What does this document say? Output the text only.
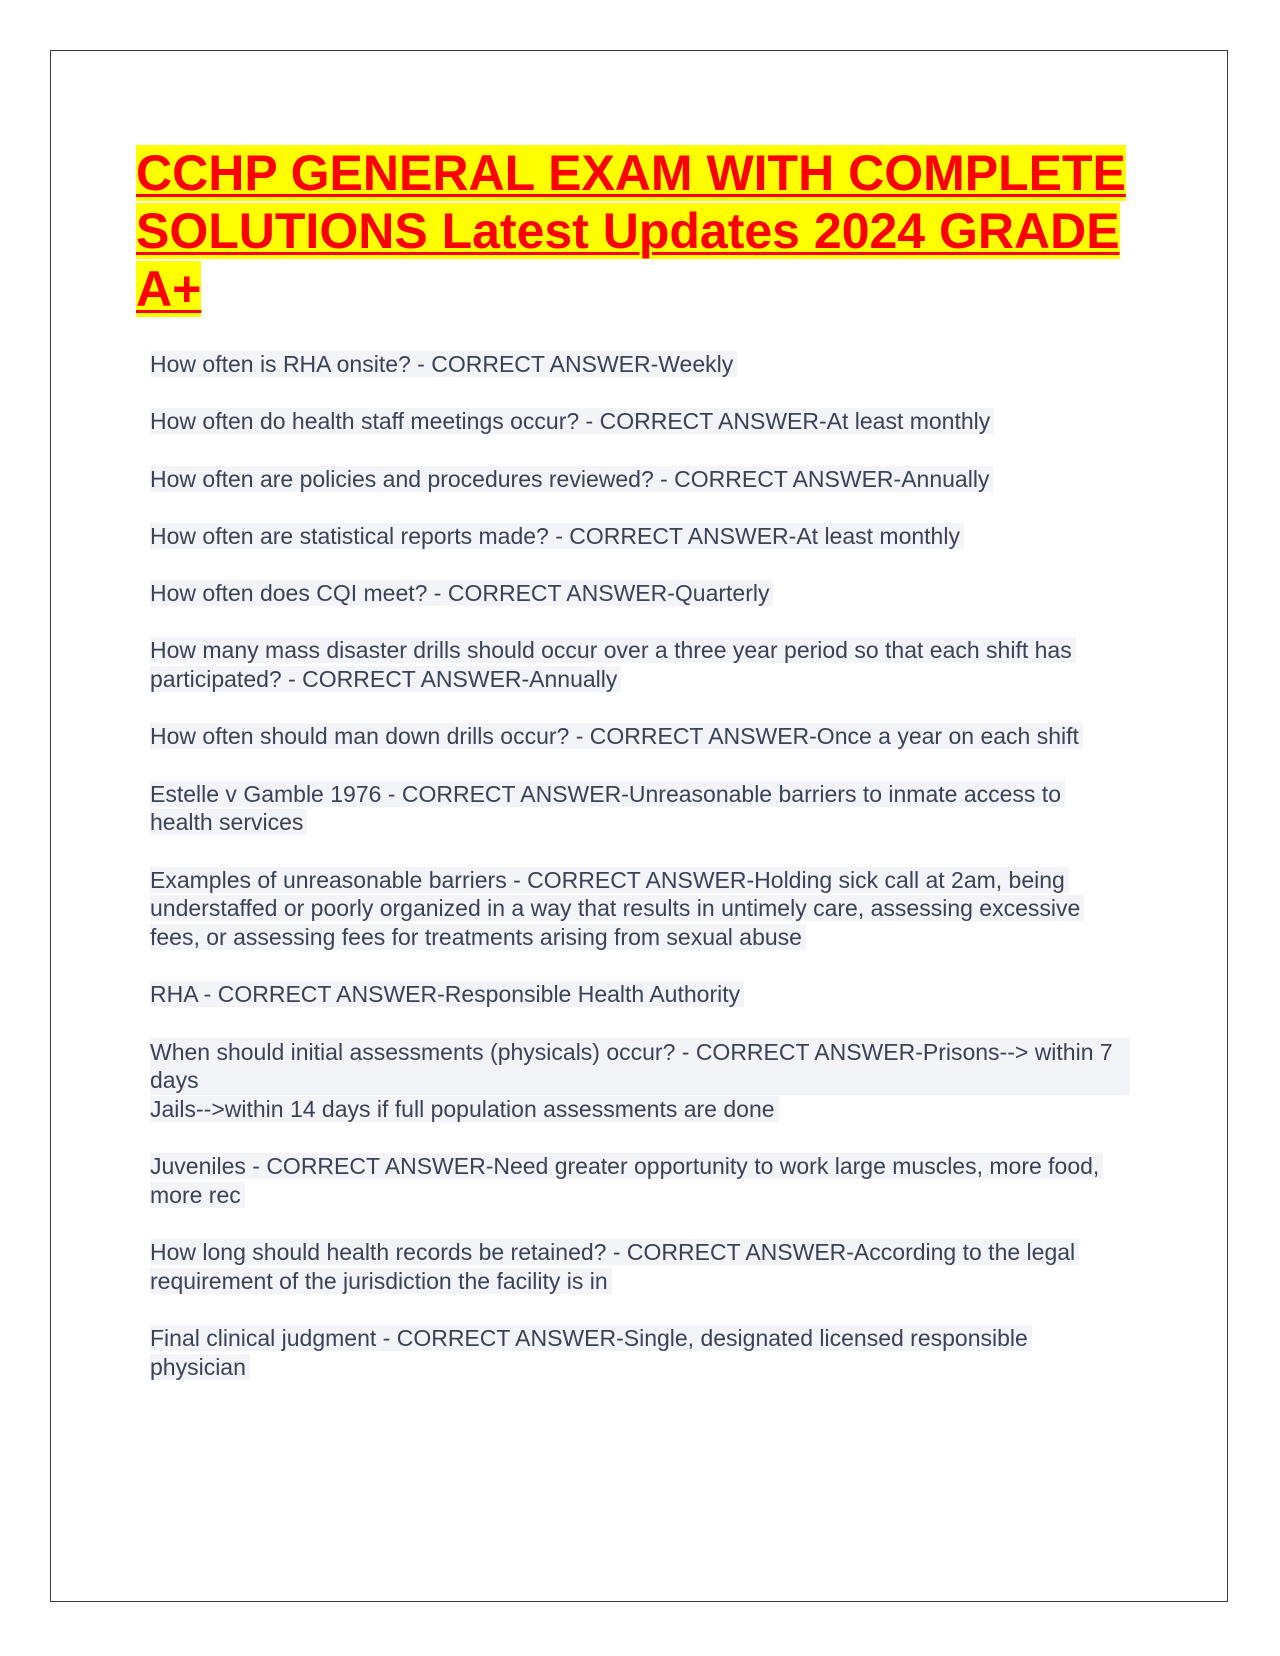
CCHP GENERAL EXAM WITH COMPLETE SOLUTIONS Latest Updates 2024 GRADE A+
How often is RHA onsite? - CORRECT ANSWER-Weekly
How often do health staff meetings occur? - CORRECT ANSWER-At least monthly
How often are policies and procedures reviewed? - CORRECT ANSWER-Annually
How often are statistical reports made? - CORRECT ANSWER-At least monthly
How often does CQI meet? - CORRECT ANSWER-Quarterly
How many mass disaster drills should occur over a three year period so that each shift has participated? - CORRECT ANSWER-Annually
How often should man down drills occur? - CORRECT ANSWER-Once a year on each shift
Estelle v Gamble 1976 - CORRECT ANSWER-Unreasonable barriers to inmate access to health services
Examples of unreasonable barriers - CORRECT ANSWER-Holding sick call at 2am, being understaffed or poorly organized in a way that results in untimely care, assessing excessive fees, or assessing fees for treatments arising from sexual abuse
RHA - CORRECT ANSWER-Responsible Health Authority
When should initial assessments (physicals) occur? - CORRECT ANSWER-Prisons--> within 7 days
Jails-->within 14 days if full population assessments are done
Juveniles - CORRECT ANSWER-Need greater opportunity to work large muscles, more food, more rec
How long should health records be retained? - CORRECT ANSWER-According to the legal requirement of the jurisdiction the facility is in
Final clinical judgment - CORRECT ANSWER-Single, designated licensed responsible physician
